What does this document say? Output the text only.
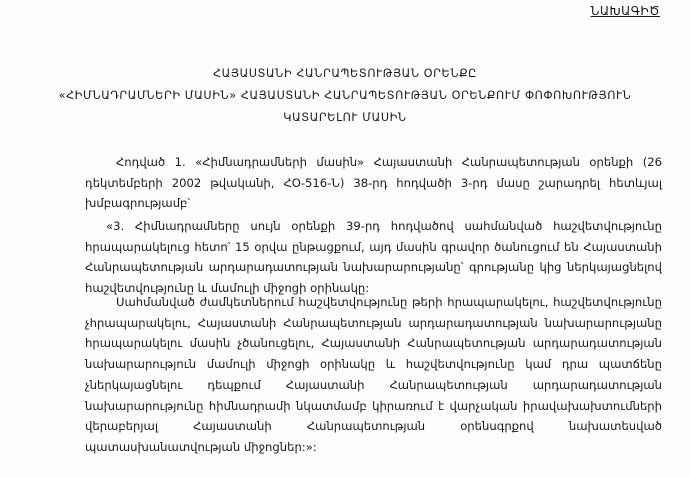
ՆԱԽԱԳԻԾ
ՀԱՅԱՍՏԱՆԻ ՀԱՆՐԱՊԵՏՈՒԹՅԱՆ ՕՐԵՆՔԸ
«ՀԻՄՆԱԴՐԱՄՆԵՐԻ ՄԱՍԻՆ» ՀԱՅԱՍՏԱՆԻ ՀԱՆՐԱՊԵՏՈՒԹՅԱՆ ՕՐԵՆՔՈՒՄ ՓՈՓՈԽՈՒԹՅՈՒՆ
ԿԱՏԱՐԵԼՈՒ ՄԱՍԻՆ
Հոդված 1. «Հիմնադրամների մասին» Հայաստանի Հանրապետության օրենքի (26 դեկտեմբերի 2002 թվականի, ՀՕ-516-Ն) 38-րդ հոդվածի 3-րդ մասը շարադրել հետևյալ խմբագրությամբ՝
«3. Հիմնադրամները սույն օրենքի 39-րդ հոդվածով սահմանված հաշվետվությունը հրապարակելուց հետո՝ 15 օրվա ընթացքում, այդ մասին գրավոր ծանուցում են Հայաստանի Հանրապետության արդարադատության նախարարությանը՝ գրությանը կից ներկայացնելով հաշվետվությունը և մամուլի միջոցի օրինակը:
Սահմանված ժամկետներում հաշվետվությունը թերի հրապարակելու, հաշվետվությունը չհրապարակելու, Հայաստանի Հանրապետության արդարադատության նախարարությանը հրապարակելու մասին չծանուցելու, Հայաստանի Հանրապետության արդարադատության նախարարություն մամուլի միջոցի օրինակը և հաշվետվությունը կամ դրա պատճենը չներկայացնելու դեպքում Հայաստանի Հանրապետության արդարադատության նախարարությունը հիմնադրամի նկատմամբ կիրառում է վարչական իրավախախտումների վերաբերյալ Հայաստանի Հանրապետության օրենսգրքով նախատեսված պատասխանատվության միջոցներ:»:
